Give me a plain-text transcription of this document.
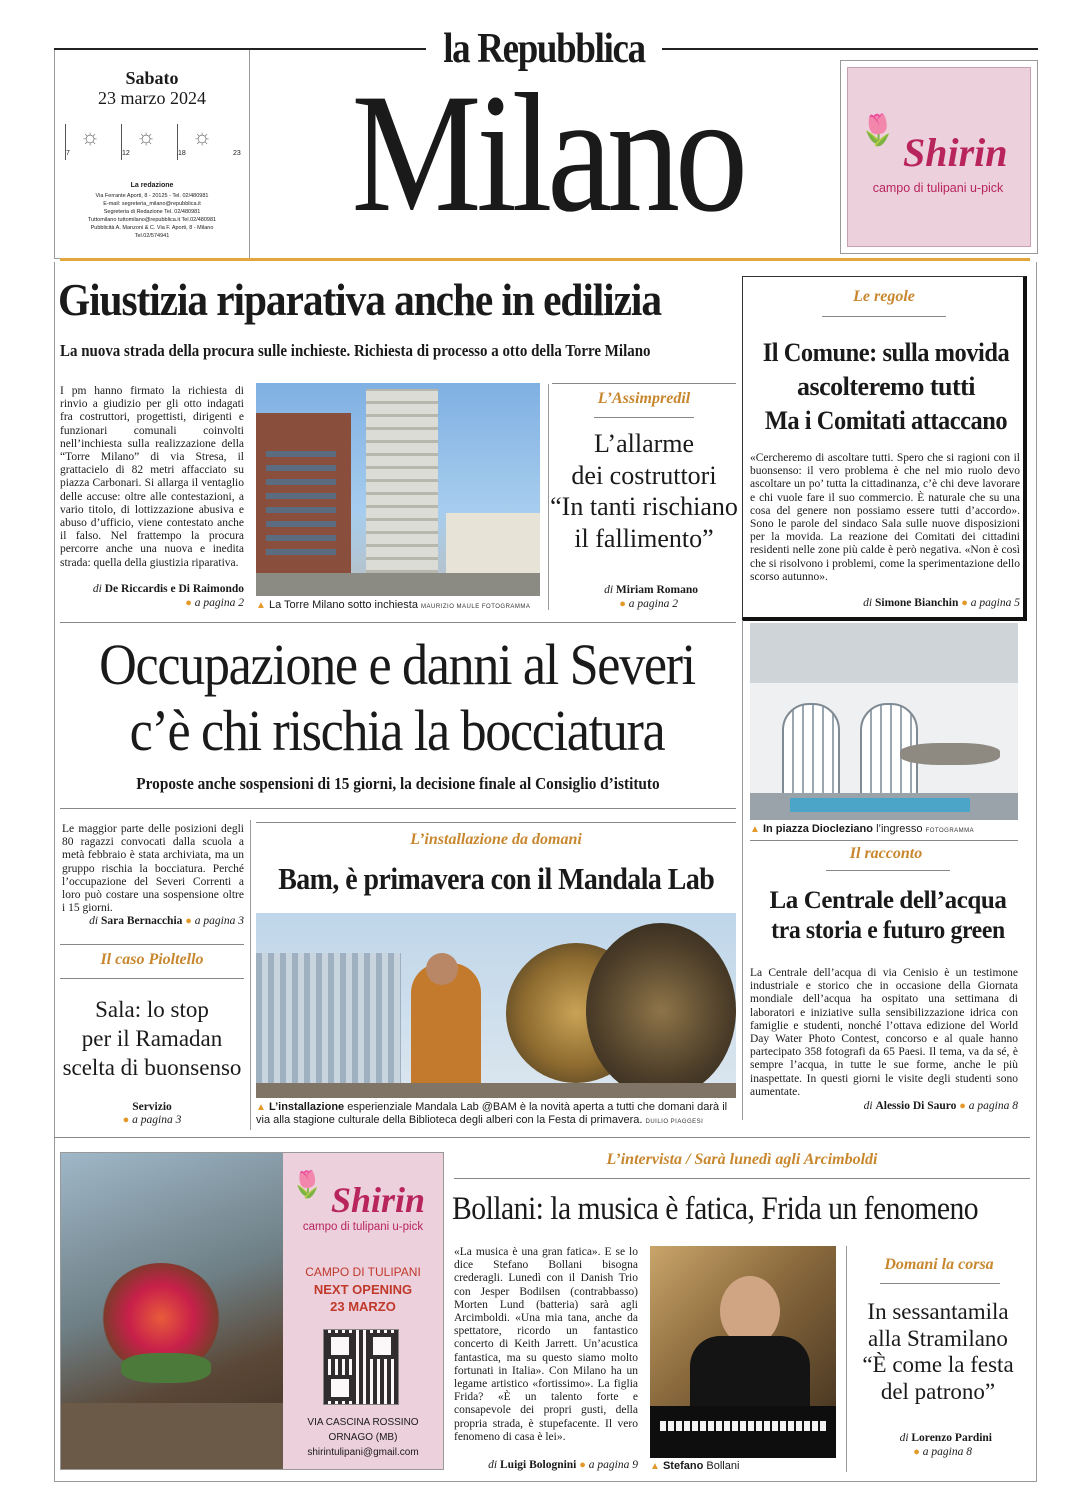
la Repubblica
Milano
Sabato
23 marzo 2024
☼
7
☼
12
☼
18	23
La redazione
Via Ferrante Aporti, 8 - 20125 - Tel. 02/480981
E-mail: segreteria_milano@repubblica.it
Segreteria di Redazione Tel. 02/480981
Tuttomilano tuttomilano@repubblica.it Tel.02/480981
Pubblicità A. Manzoni & C. Via F. Aporti, 8 - Milano
Tel.02/574941
🌷 Shirin
campo di tulipani u-pick
Giustizia riparativa anche in edilizia
La nuova strada della procura sulle inchieste. Richiesta di processo a otto della Torre Milano
I pm hanno firmato la richiesta di rinvio a giudizio per gli otto indagati fra costruttori, progettisti, dirigenti e funzionari comunali coinvolti nell’inchiesta sulla realizzazione della “Torre Milano” di via Stresa, il grattacielo di 82 metri affacciato su piazza Carbonari. Si allarga il ventaglio delle accuse: oltre alle contestazioni, a vario titolo, di lottizzazione abusiva e abuso d’ufficio, viene contestato anche il falso. Nel frattempo la procura percorre anche una nuova e inedita strada: quella della giustizia riparativa.
di De Riccardis e Di Raimondo
● a pagina 2 ▲ La Torre Milano sotto inchiesta MAURIZIO MAULE FOTOGRAMMA
L’Assimpredil
L’allarme
dei costruttori
“In tanti rischiano
il fallimento”
di Miriam Romano
● a pagina 2
Le regole
Il Comune: sulla movida
ascolteremo tutti
Ma i Comitati attaccano
«Cercheremo di ascoltare tutti. Spero che si ragioni con il buonsenso: il vero problema è che nel mio ruolo devo ascoltare un po’ tutta la cittadinanza, c’è chi deve lavorare e chi vuole fare il suo commercio. È naturale che su una cosa del genere non possiamo essere tutti d’accordo». Sono le parole del sindaco Sala sulle nuove disposizioni per la movida. La reazione dei Comitati dei cittadini residenti nelle zone più calde è però negativa. «Non è così che si risolvono i problemi, come la sperimentazione dello scorso autunno».
di Simone Bianchin ● a pagina 5
▲ In piazza Diocleziano l’ingresso FOTOGRAMMA
Il racconto
La Centrale dell’acqua
tra storia e futuro green
La Centrale dell’acqua di via Cenisio è un testimone industriale e storico che in occasione della Giornata mondiale dell’acqua ha ospitato una settimana di laboratori e iniziative sulla sensibilizzazione idrica con famiglie e studenti, nonché l’ottava edizione del World Day Water Photo Contest, concorso e al quale hanno partecipato 358 fotografi da 65 Paesi. Il tema, va da sé, è sempre l’acqua, in tutte le sue forme, anche le più inaspettate. In questi giorni le visite degli studenti sono aumentate.
di Alessio Di Sauro ● a pagina 8
Occupazione e danni al Severi
c’è chi rischia la bocciatura
Proposte anche sospensioni di 15 giorni, la decisione finale al Consiglio d’istituto
Le maggior parte delle posizioni degli 80 ragazzi convocati dalla scuola a metà febbraio è stata archiviata, ma un gruppo rischia la bocciatura. Perché l’occupazione del Severi Correnti a loro può costare una sospensione oltre i 15 giorni.
di Sara Bernacchia ● a pagina 3
Il caso Pioltello
Sala: lo stop
per il Ramadan
scelta di buonsenso
Servizio
● a pagina 3
L’installazione da domani
Bam, è primavera con il Mandala Lab
▲ L’installazione esperienziale Mandala Lab @BAM è la novità aperta a tutti che domani darà il via alla stagione culturale della Biblioteca degli alberi con la Festa di primavera. DUILIO PIAGGESI
🌷 Shirin
campo di tulipani u-pick
CAMPO DI TULIPANI
NEXT OPENING
23 MARZO
VIA CASCINA ROSSINO
ORNAGO (MB)
shirintulipani@gmail.com
L’intervista / Sarà lunedì agli Arcimboldi
Bollani: la musica è fatica, Frida un fenomeno
«La musica è una gran fatica». E se lo dice Stefano Bollani bisogna crederagli. Lunedì con il Danish Trio con Jesper Bodilsen (contrabbasso) Morten Lund (batteria) sarà agli Arcimboldi. «Una mia tana, anche da spettatore, ricordo un fantastico concerto di Keith Jarrett. Un’acustica fantastica, ma su questo siamo molto fortunati in Italia». Con Milano ha un legame artistico «fortissimo». La figlia Frida? «È un talento forte e consapevole dei propri gusti, della propria strada, è stupefacente. Il vero fenomeno di casa è lei».
di Luigi Bolognini ● a pagina 9 ▲ Stefano Bollani
Domani la corsa
In sessantamila
alla Stramilano
“È come la festa
del patrono”
di Lorenzo Pardini
● a pagina 8
